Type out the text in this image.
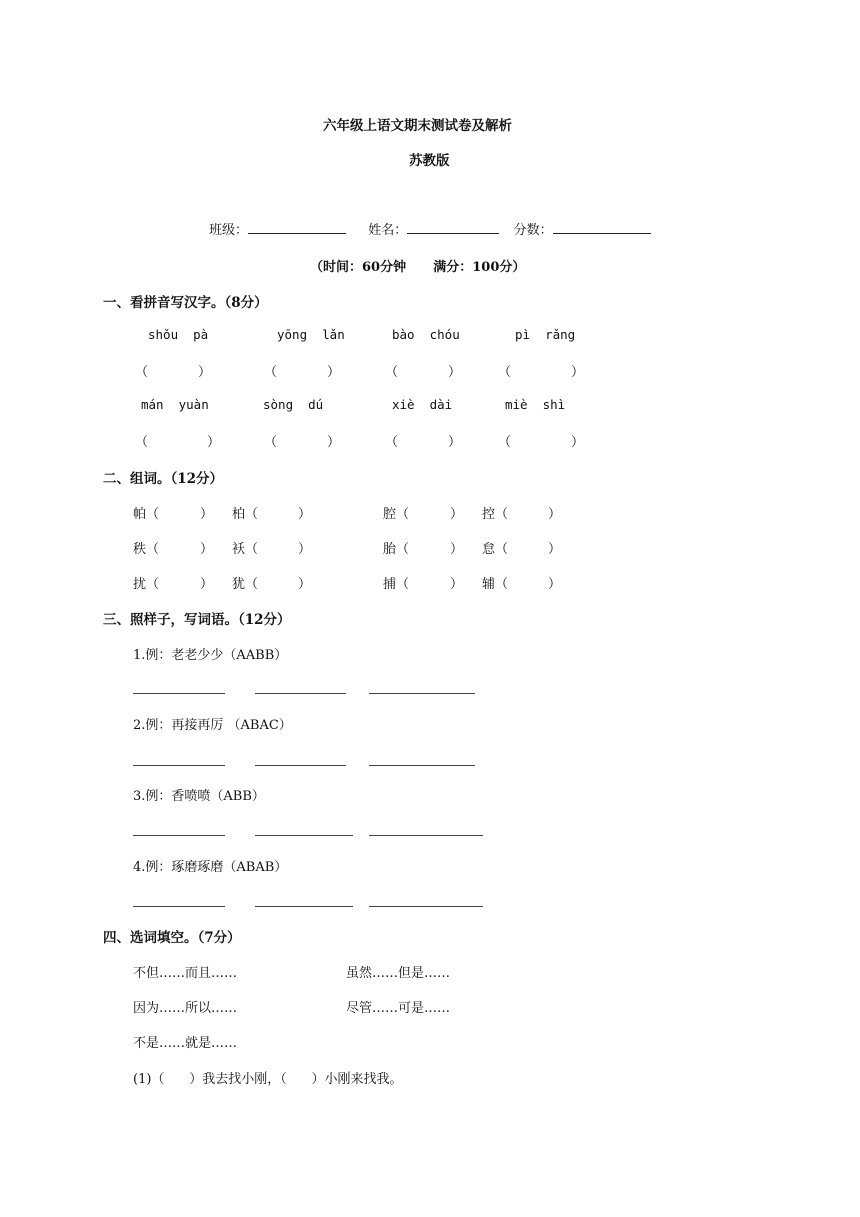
六年级上语文期末测试卷及解析
苏教版
班级：	姓名：	分数：
（时间：60分钟      满分：100分）
一、看拼音写汉字。（8分）
shǒu  pà	yōng  lǎn	bào  chóu	pì  rǎng
（	）	（	）	（	）	（	）
mán  yuàn	sòng  dú	xiè  dài	miè  shì
（	）	（	）	（	）	（	）
二、组词。（12分）
帕（	） 柏（	）	腔（	） 控（	）
秩（	） 袄（	）	胎（	） 怠（	）
扰（	） 犹（	）	捕（	） 辅（	）
三、照样子，写词语。（12分）
1.例：老老少少（AABB）
2.例：再接再厉 （ABAC）
3.例：香喷喷（ABB）
4.例：琢磨琢磨（ABAB）
四、选词填空。（7分）
不但……而且……	虽然……但是……
因为……所以……	尽管……可是……
不是……就是……
(1)（      ）我去找小刚，（      ）小刚来找我。
